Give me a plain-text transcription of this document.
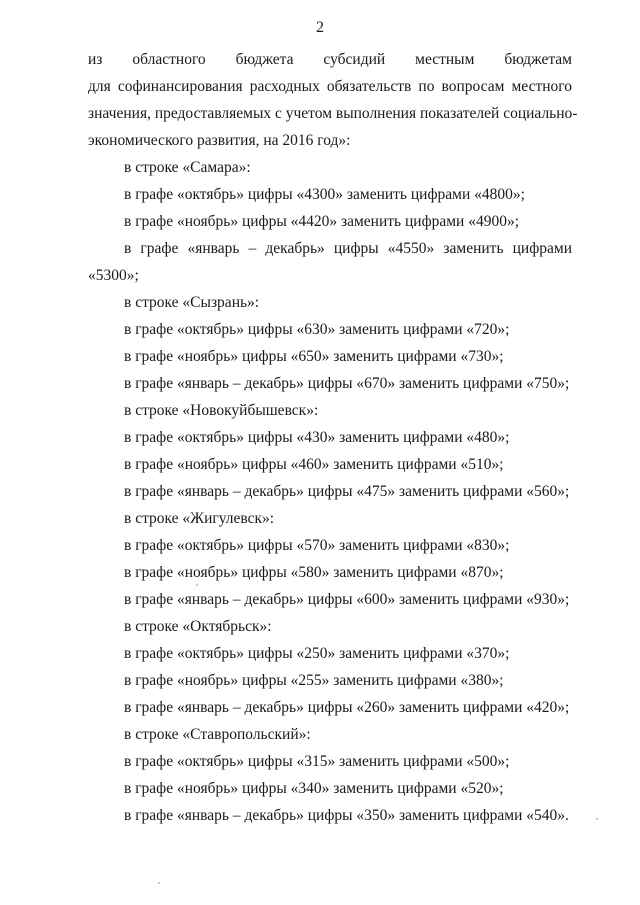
2

из областного бюджета субсидий местным бюджетам
для софинансирования расходных обязательств по вопросам местного
значения, предоставляемых с учетом выполнения показателей социально-
экономического развития, на 2016 год»:

в строке «Самара»:

в графе «октябрь» цифры «4300» заменить цифрами «4800»;

в графе «ноябрь» цифры «4420» заменить цифрами «4900»;

в графе «январь – декабрь» цифры «4550» заменить цифрами
«5300»;

в строке «Сызрань»:

в графе «октябрь» цифры «630» заменить цифрами «720»;

в графе «ноябрь» цифры «650» заменить цифрами «730»;

в графе «январь – декабрь» цифры «670» заменить цифрами «750»;

в строке «Новокуйбышевск»:

в графе «октябрь» цифры «430» заменить цифрами «480»;

в графе «ноябрь» цифры «460» заменить цифрами «510»;

в графе «январь – декабрь» цифры «475» заменить цифрами «560»;

в строке «Жигулевск»:

в графе «октябрь» цифры «570» заменить цифрами «830»;

в графе «ноябрь» цифры «580» заменить цифрами «870»;

в графе «январь – декабрь» цифры «600» заменить цифрами «930»;

в строке «Октябрьск»:

в графе «октябрь» цифры «250» заменить цифрами «370»;

в графе «ноябрь» цифры «255» заменить цифрами «380»;

в графе «январь – декабрь» цифры «260» заменить цифрами «420»;

в строке «Ставропольский»:

в графе «октябрь» цифры «315» заменить цифрами «500»;

в графе «ноябрь» цифры «340» заменить цифрами «520»;

в графе «январь – декабрь» цифры «350» заменить цифрами «540».
